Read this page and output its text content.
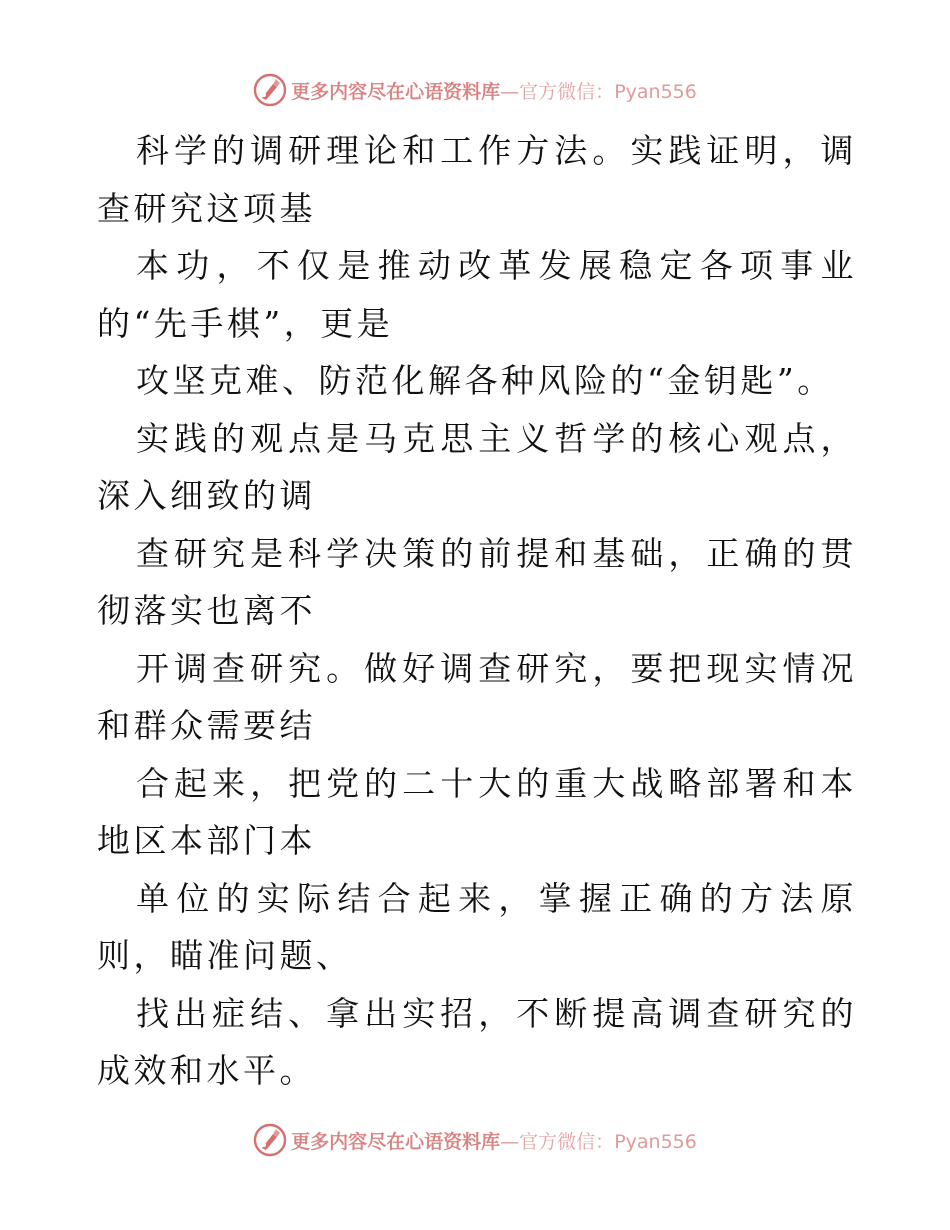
更多内容尽在心语资料库—官方微信：Pyan556

科学的调研理论和工作方法。实践证明，调查研究这项基

本功，不仅是推动改革发展稳定各项事业的“先手棋”，更是

攻坚克难、防范化解各种风险的“金钥匙”。

实践的观点是马克思主义哲学的核心观点，深入细致的调

查研究是科学决策的前提和基础，正确的贯彻落实也离不

开调查研究。做好调查研究，要把现实情况和群众需要结

合起来，把党的二十大的重大战略部署和本地区本部门本

单位的实际结合起来，掌握正确的方法原则，瞄准问题、

找出症结、拿出实招，不断提高调查研究的成效和水平。

更多内容尽在心语资料库—官方微信：Pyan556
